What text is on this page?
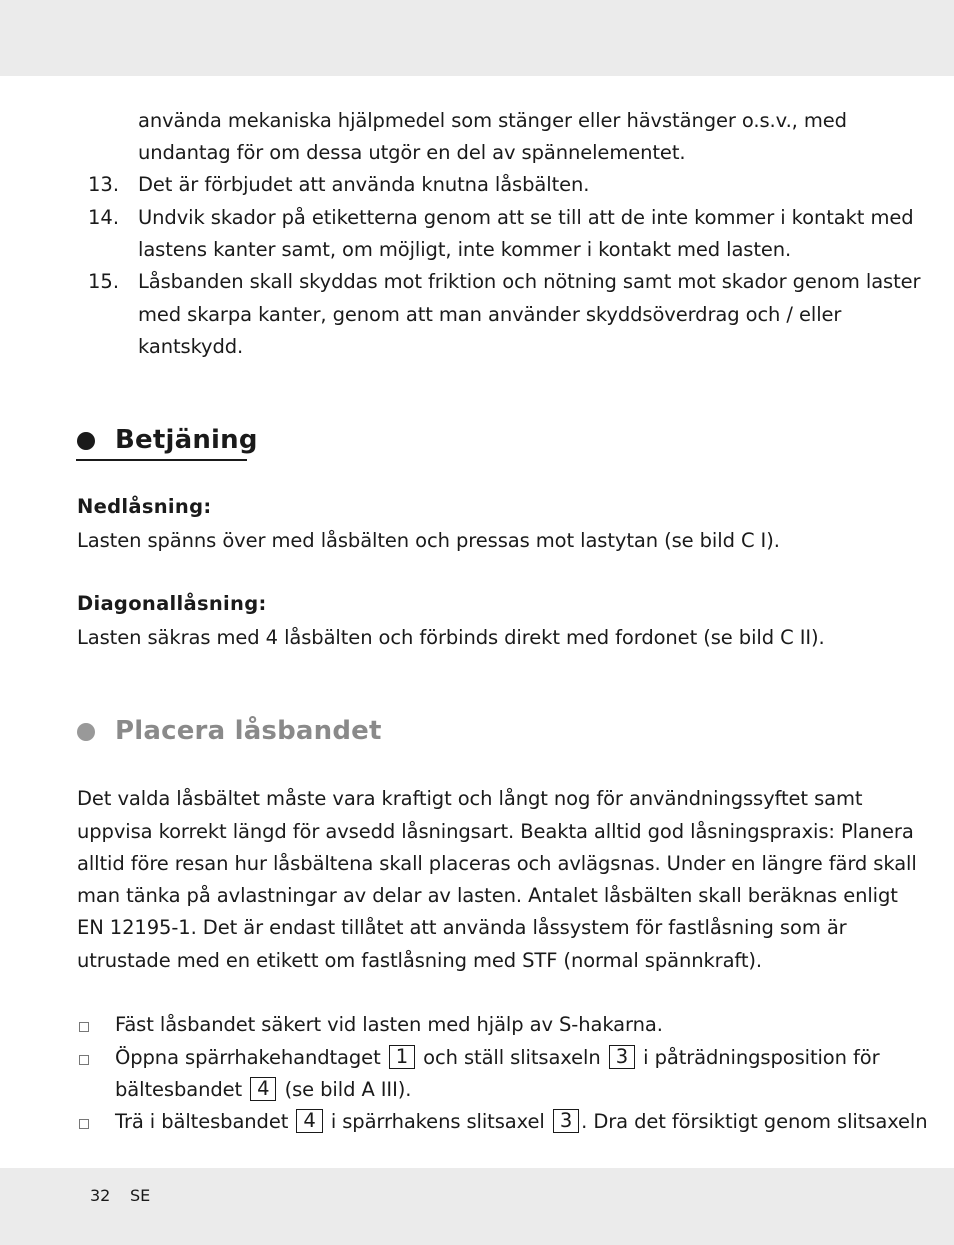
använda mekaniska hjälpmedel som stänger eller hävstänger o.s.v., med
undantag för om dessa utgör en del av spännelementet.
13. Det är förbjudet att använda knutna låsbälten.
14. Undvik skador på etiketterna genom att se till att de inte kommer i kontakt med
lastens kanter samt, om möjligt, inte kommer i kontakt med lasten.
15. Låsbanden skall skyddas mot friktion och nötning samt mot skador genom laster
med skarpa kanter, genom att man använder skyddsöverdrag och / eller
kantskydd.
Betjäning
Nedlåsning:
Lasten spänns över med låsbälten och pressas mot lastytan (se bild C I).
Diagonallåsning:
Lasten säkras med 4 låsbälten och förbinds direkt med fordonet (se bild C II).
Placera låsbandet
Det valda låsbältet måste vara kraftigt och långt nog för användningssyftet samt
uppvisa korrekt längd för avsedd låsningsart. Beakta alltid god låsningspraxis: Planera
alltid före resan hur låsbältena skall placeras och avlägsnas. Under en längre färd skall
man tänka på avlastningar av delar av lasten. Antalet låsbälten skall beräknas enligt
EN 12195-1. Det är endast tillåtet att använda låssystem för fastlåsning som är
utrustade med en etikett om fastlåsning med STF (normal spännkraft).
Fäst låsbandet säkert vid lasten med hjälp av S-hakarna.
Öppna spärrhakehandtaget 1 och ställ slitsaxeln 3 i påträdningsposition för
bältesbandet 4 (se bild A III).
Trä i bältesbandet 4 i spärrhakens slitsaxel 3 . Dra det försiktigt genom slitsaxeln
32 SE
